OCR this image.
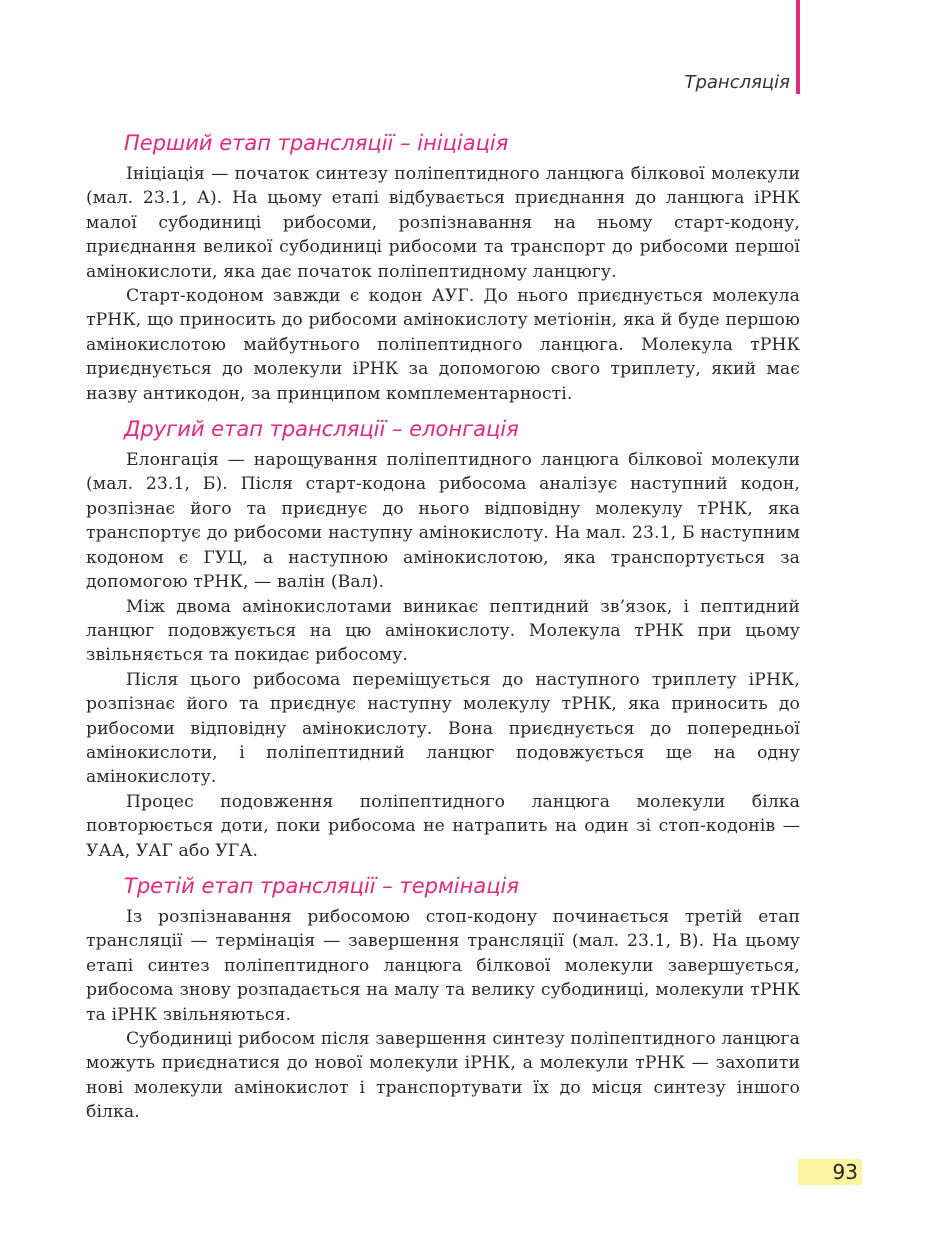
Трансляція
Перший етап трансляції – ініціація

Ініціація — початок синтезу поліпептидного ланцюга білкової молекули (мал. 23.1, А). На цьому етапі відбувається приєднання до ланцюга іРНК малої субодиниці рибосоми, розпізнавання на ньому старт-кодону, приєднання великої субодиниці рибосоми та транспорт до рибосоми першої амінокислоти, яка дає початок поліпептидному ланцюгу.

Старт-кодоном завжди є кодон АУГ. До нього приєднується молекула тРНК, що приносить до рибосоми амінокислоту метіонін, яка й буде першою амінокислотою майбутнього поліпептидного ланцюга. Молекула тРНК приєднується до молекули іРНК за допомогою свого триплету, який має назву антикодон, за принципом комплементарності.

Другий етап трансляції – елонгація

Елонгація — нарощування поліпептидного ланцюга білкової молекули (мал. 23.1, Б). Після старт-кодона рибосома аналізує наступний кодон, розпізнає його та приєднує до нього відповідну молекулу тРНК, яка транспортує до рибосоми наступну амінокислоту. На мал. 23.1, Б наступним кодоном є ГУЦ, а наступною амінокислотою, яка транспортується за допомогою тРНК, — валін (Вал).

Між двома амінокислотами виникає пептидний зв’язок, і пептидний ланцюг подовжується на цю амінокислоту. Молекула тРНК при цьому звільняється та покидає рибосому.

Після цього рибосома переміщується до наступного триплету іРНК, розпізнає його та приєднує наступну молекулу тРНК, яка приносить до рибосоми відповідну амінокислоту. Вона приєднується до попередньої амінокислоти, і поліпептидний ланцюг подовжується ще на одну амінокислоту.

Процес подовження поліпептидного ланцюга молекули білка повторюється доти, поки рибосома не натрапить на один зі стоп-кодонів — УАА, УАГ або УГА.

Третій етап трансляції – термінація

Із розпізнавання рибосомою стоп-кодону починається третій етап трансляції — термінація — завершення трансляції (мал. 23.1, В). На цьому етапі синтез поліпептидного ланцюга білкової молекули завершується, рибосома знову розпадається на малу та велику субодиниці, молекули тРНК та іРНК звільняються.

Субодиниці рибосом після завершення синтезу поліпептидного ланцюга можуть приєднатися до нової молекули іРНК, а молекули тРНК — захопити нові молекули амінокислот і транспортувати їх до місця синтезу іншого білка.

93
